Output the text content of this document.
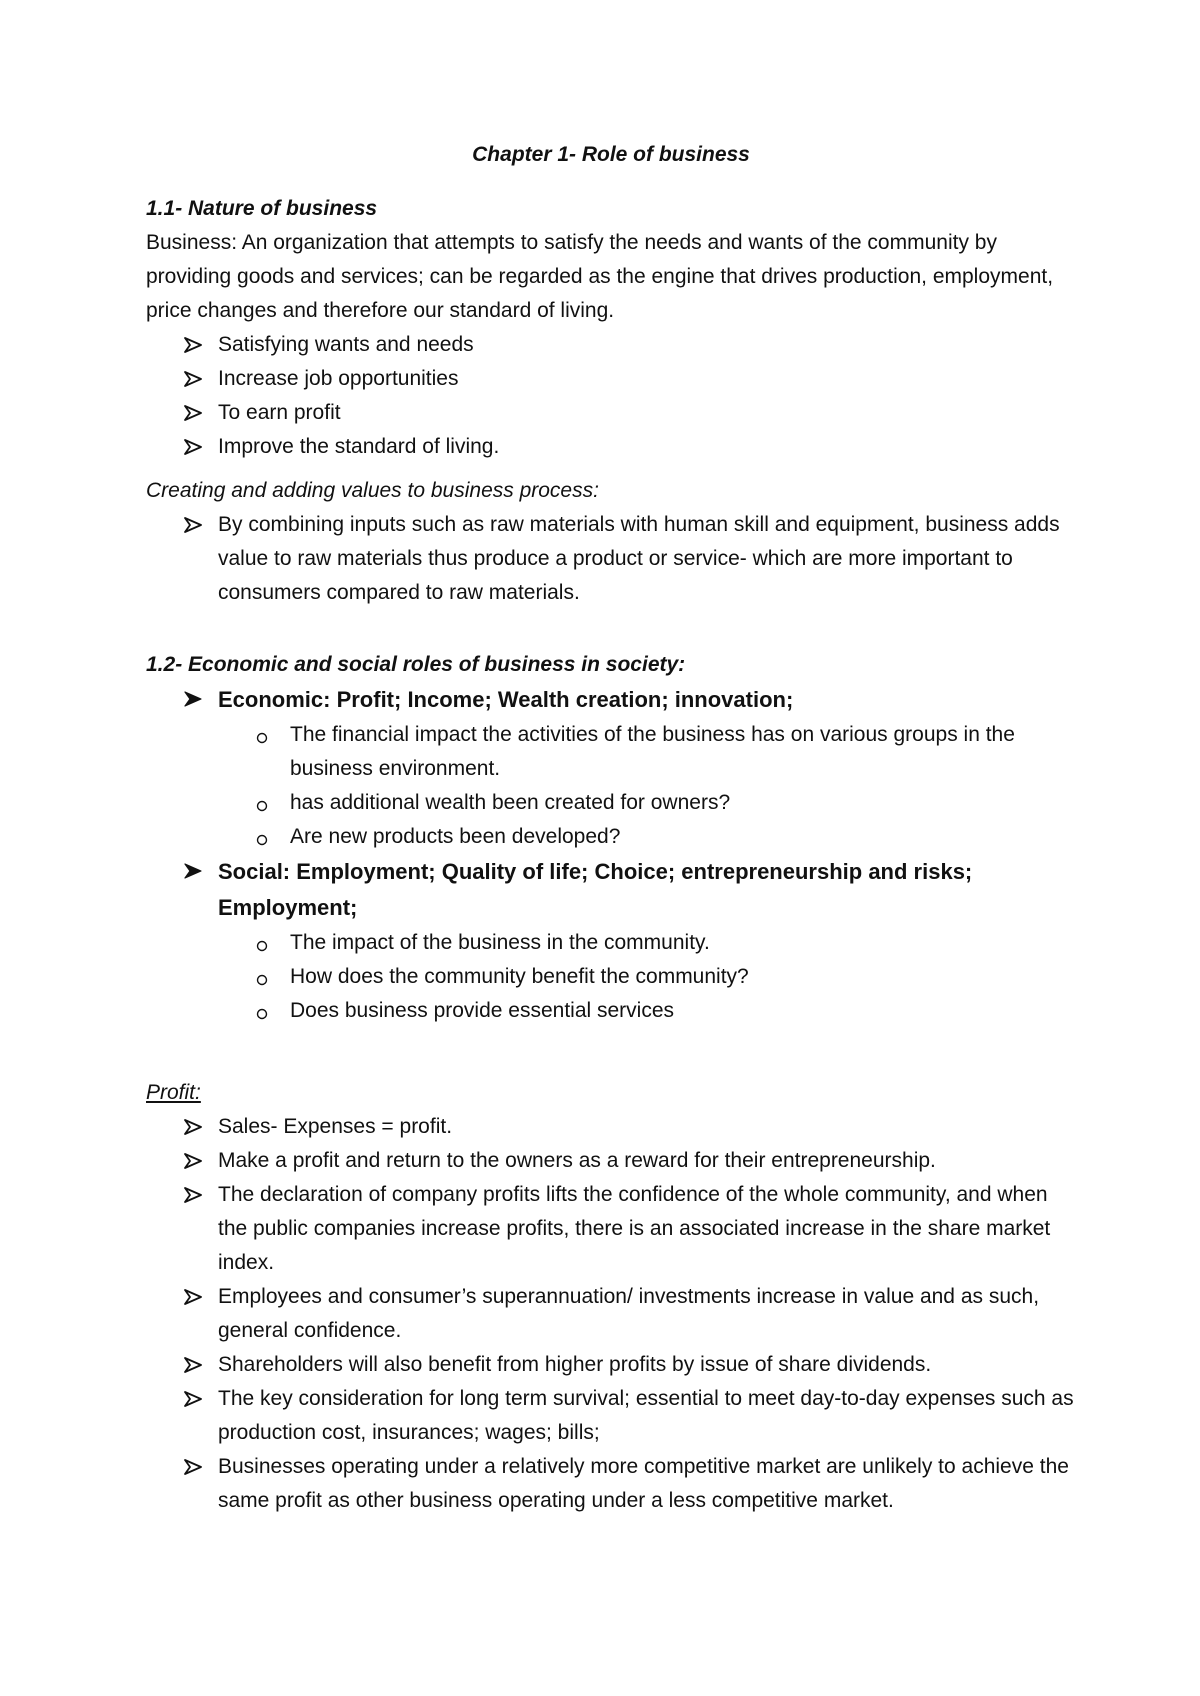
Chapter 1- Role of business
1.1- Nature of business
Business: An organization that attempts to satisfy the needs and wants of the community by providing goods and services; can be regarded as the engine that drives production, employment, price changes and therefore our standard of living.
Satisfying wants and needs
Increase job opportunities
To earn profit
Improve the standard of living.
Creating and adding values to business process:
By combining inputs such as raw materials with human skill and equipment, business adds value to raw materials thus produce a product or service- which are more important to consumers compared to raw materials.
1.2- Economic and social roles of business in society:
Economic: Profit; Income; Wealth creation; innovation;
The financial impact the activities of the business has on various groups in the business environment.
has additional wealth been created for owners?
Are new products been developed?
Social: Employment; Quality of life; Choice; entrepreneurship and risks; Employment;
The impact of the business in the community.
How does the community benefit the community?
Does business provide essential services
Profit:
Sales- Expenses = profit.
Make a profit and return to the owners as a reward for their entrepreneurship.
The declaration of company profits lifts the confidence of the whole community, and when the public companies increase profits, there is an associated increase in the share market index.
Employees and consumer’s superannuation/ investments increase in value and as such, general confidence.
Shareholders will also benefit from higher profits by issue of share dividends.
The key consideration for long term survival; essential to meet day-to-day expenses such as production cost, insurances; wages; bills;
Businesses operating under a relatively more competitive market are unlikely to achieve the same profit as other business operating under a less competitive market.
